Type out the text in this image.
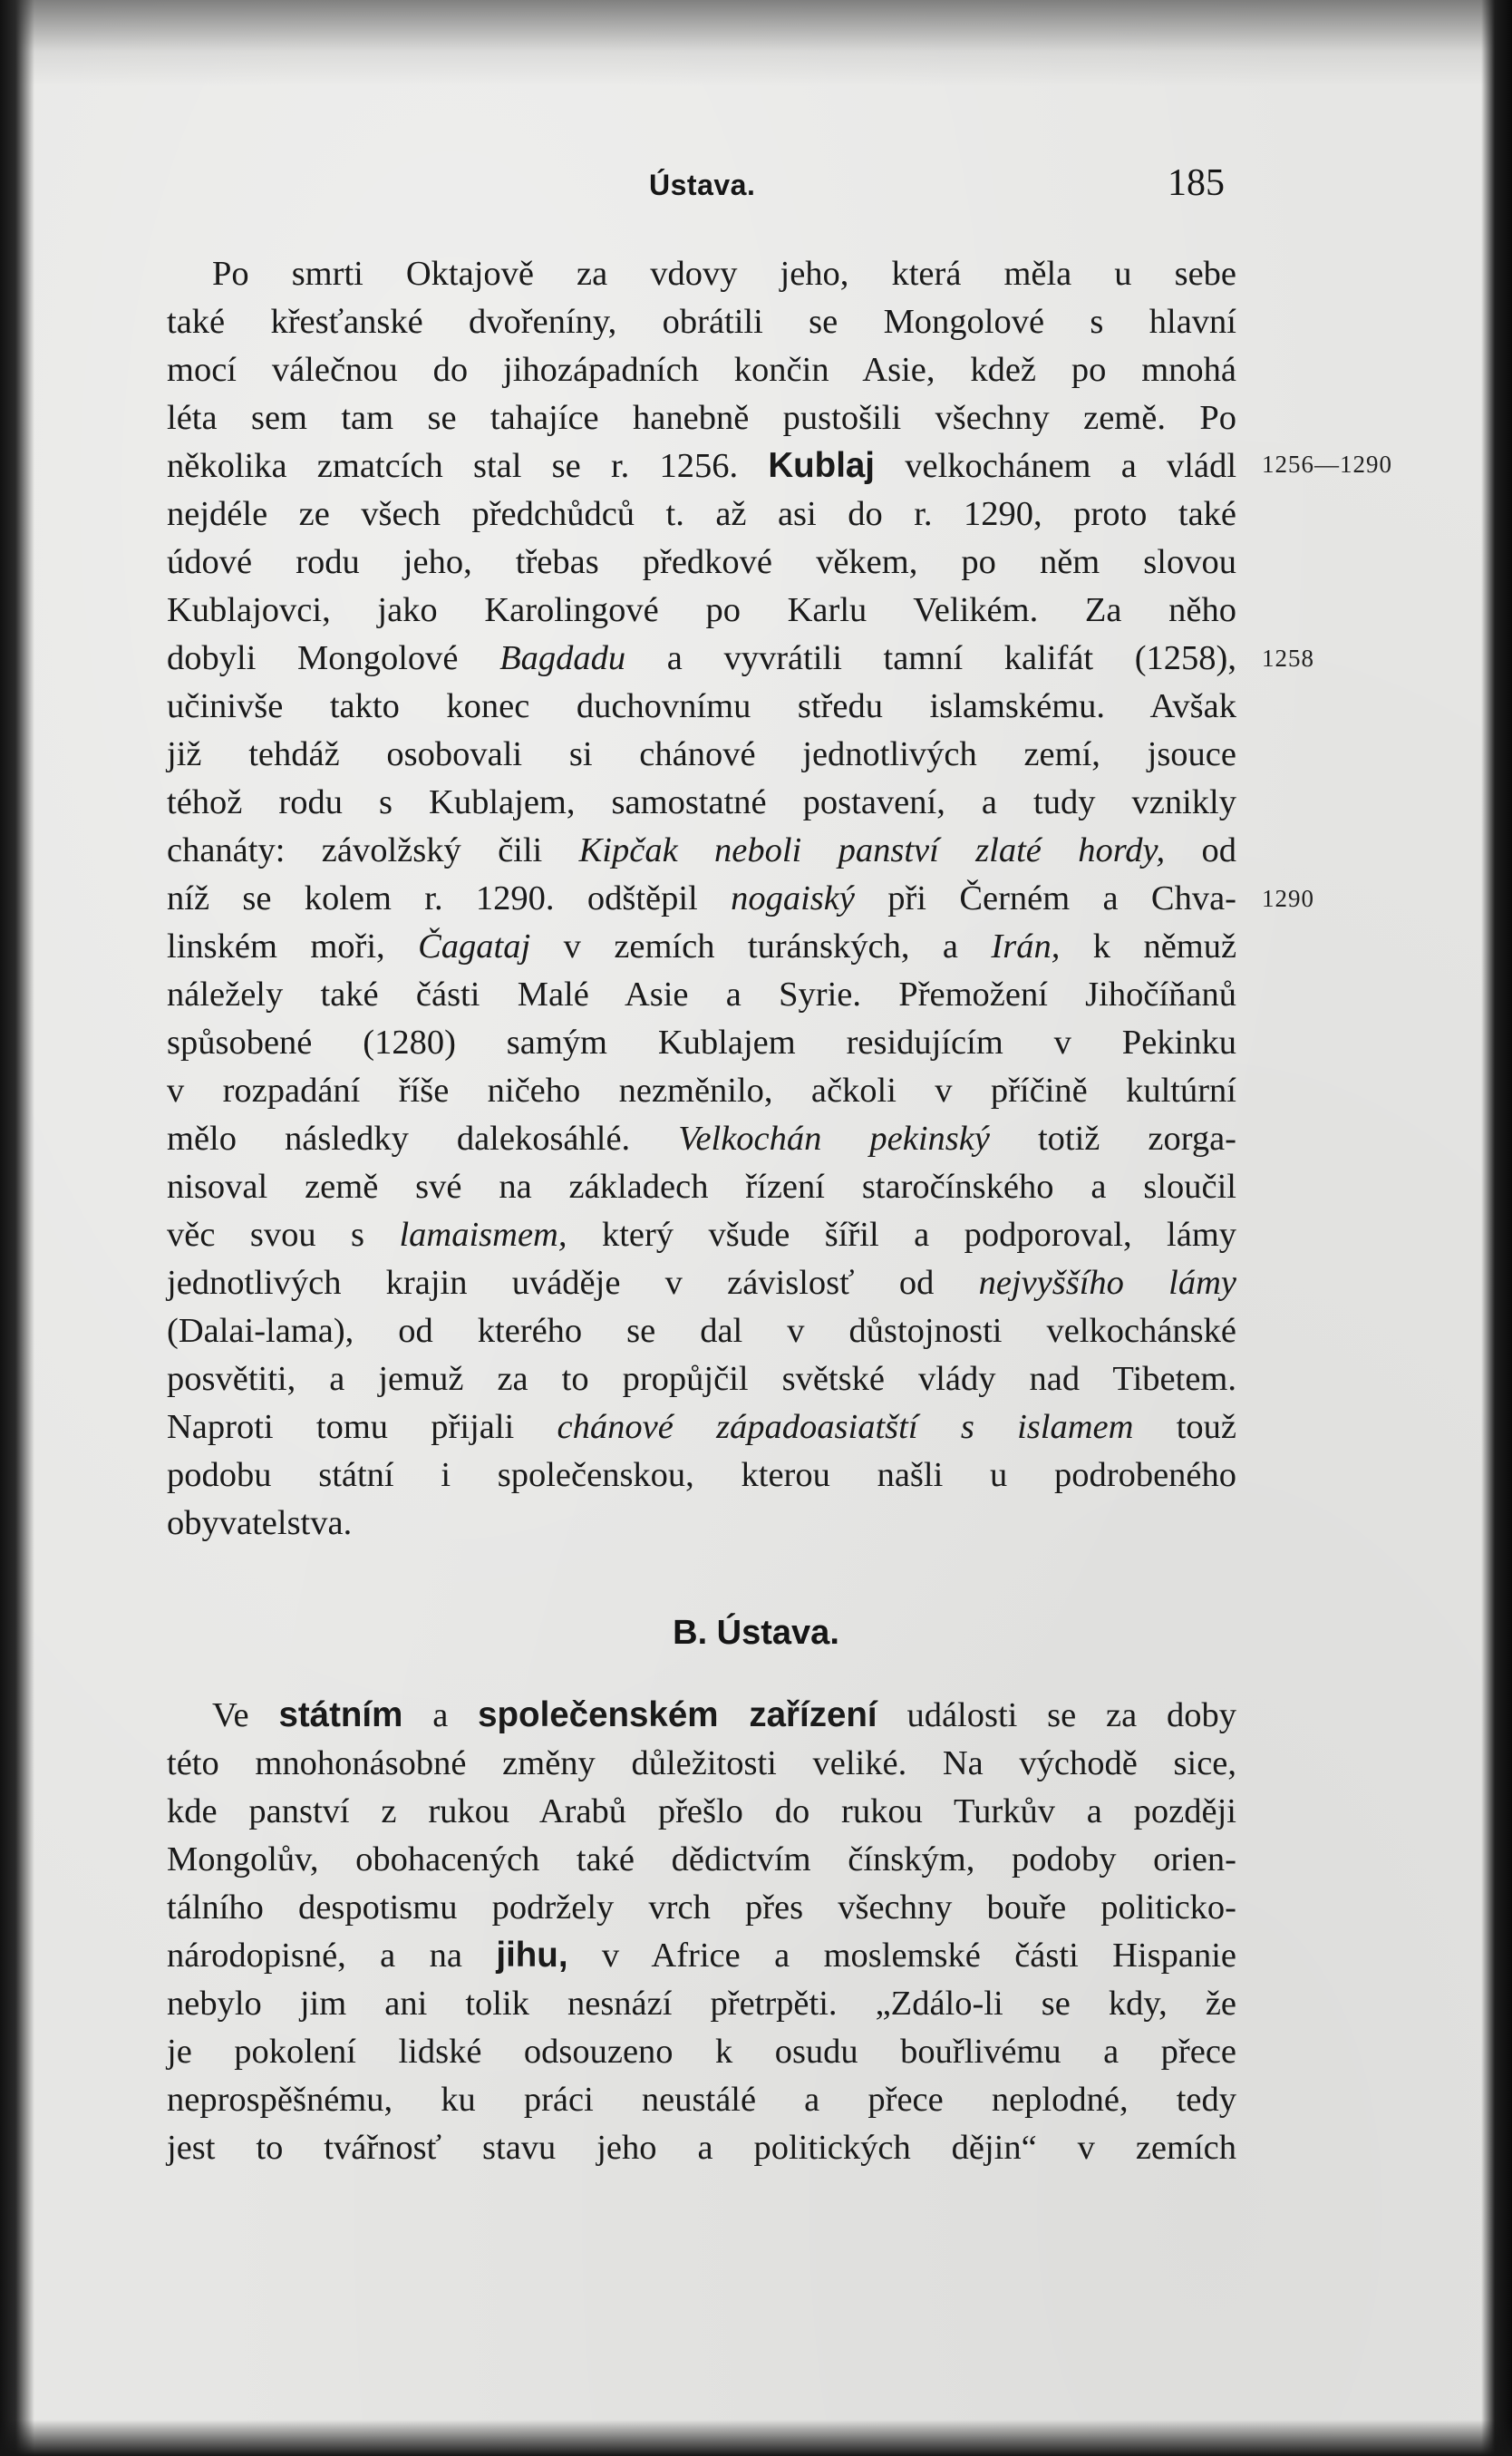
Ústava.	185
Po smrti Oktajově za vdovy jeho, která měla u sebe
také křesťanské dvořeníny, obrátili se Mongolové s hlavní
mocí válečnou do jihozápadních končin Asie, kdež po mnohá
léta sem tam se tahajíce hanebně pustošili všechny země. Po
několika zmatcích stal se r. 1256. Kublaj velkochánem a vládl
nejdéle ze všech předchůdců t. až asi do r. 1290, proto také
údové rodu jeho, třebas předkové věkem, po něm slovou
Kublajovci, jako Karolingové po Karlu Velikém. Za něho
dobyli Mongolové Bagdadu a vyvrátili tamní kalifát (1258),
učinivše takto konec duchovnímu středu islamskému. Avšak
již tehdáž osobovali si chánové jednotlivých zemí, jsouce
téhož rodu s Kublajem, samostatné postavení, a tudy vznikly
chanáty: závolžský čili Kipčak neboli panství zlaté hordy, od
níž se kolem r. 1290. odštěpil nogaiský při Černém a Chva-
linském moři, Čagataj v zemích turánských, a Irán, k němuž
náležely také části Malé Asie a Syrie. Přemožení Jihočíňanů
spůsobené (1280) samým Kublajem residujícím v Pekinku
v rozpadání říše ničeho nezměnilo, ačkoli v příčině kultúrní
mělo následky dalekosáhlé. Velkochán pekinský totiž zorga-
nisoval země své na základech řízení staročínského a sloučil
věc svou s lamaismem, který všude šířil a podporoval, lámy
jednotlivých krajin uváděje v závislosť od nejvyššího lámy
(Dalai-lama), od kterého se dal v důstojnosti velkochánské
posvětiti, a jemuž za to propůjčil světské vlády nad Tibetem.
Naproti tomu přijali chánové západoasiatští s islamem touž
podobu státní i společenskou, kterou našli u podrobeného
obyvatelstva.
1256—1290
1258
1290
B. Ústava.
Ve státním a společenském zařízení události se za doby
této mnohonásobné změny důležitosti veliké. Na východě sice,
kde panství z rukou Arabů přešlo do rukou Turkův a později
Mongolův, obohacených také dědictvím čínským, podoby orien-
tálního despotismu podržely vrch přes všechny bouře politicko-
národopisné, a na jihu, v Africe a moslemské části Hispanie
nebylo jim ani tolik nesnází přetrpěti. „Zdálo-li se kdy, že
je pokolení lidské odsouzeno k osudu bouřlivému a přece
neprospěšnému, ku práci neustálé a přece neplodné, tedy
jest to tvářnosť stavu jeho a politických dějin“ v zemích
